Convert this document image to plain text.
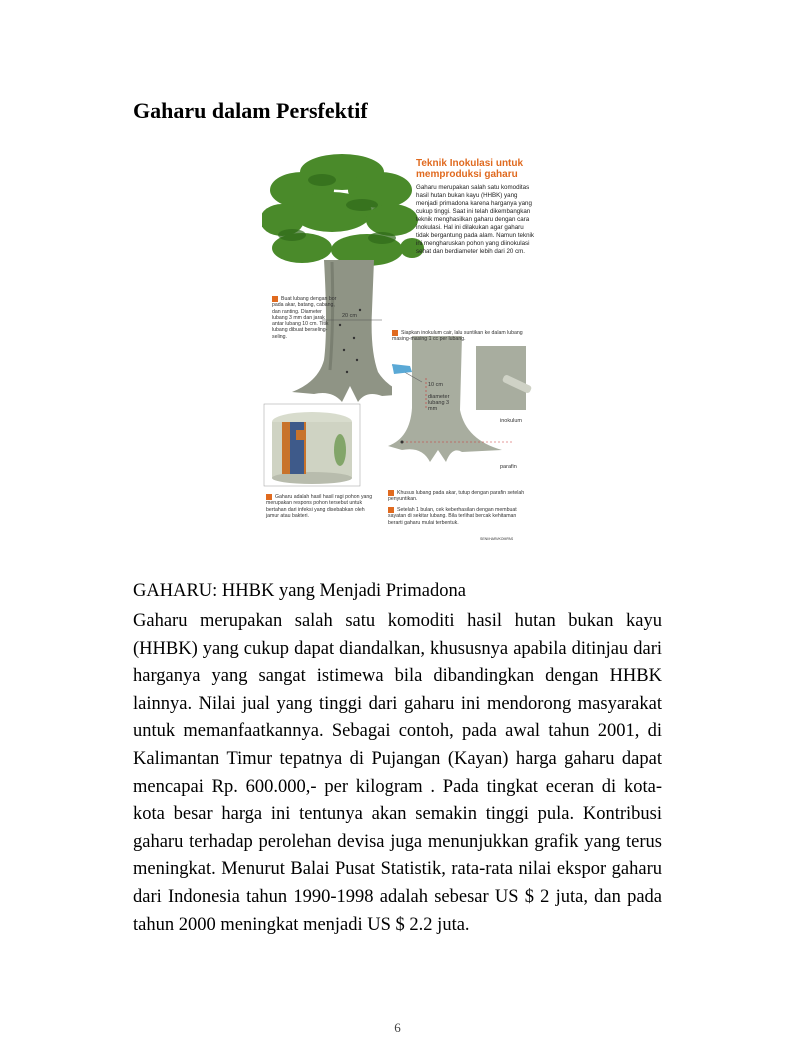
Gaharu dalam Persfektif
Teknik Inokulasi untuk memproduksi gaharu
Gaharu merupakan salah satu komoditas hasil hutan bukan kayu (HHBK) yang menjadi primadona karena harganya yang cukup tinggi. Saat ini telah dikembangkan teknik menghasilkan gaharu dengan cara inokulasi. Hal ini dilakukan agar gaharu tidak bergantung pada alam. Namun teknik ini mengharuskan pohon yang diinokulasi sehat dan berdiameter lebih dari 20 cm.
Buat lubang dengan bor pada akar, batang, cabang, dan ranting. Diameter lubang 3 mm dan jarak antar lubang 10 cm. Titik lubang dibuat berseling-seling.
Siapkan inokulum cair, lalu suntikan ke dalam lubang masing-masing 1 cc per lubang.
Gaharu adalah hasil hasil ragi pohon yang merupakan respons pohon tersebut untuk bertahan dari infeksi yang disebabkan oleh jamur atau bakteri.
Khusus lubang pada akar, tutup dengan parafin setelah penyuntikan.
Setelah 1 bulan, cek keberhasilan dengan membuat sayatan di sekitar lubang. Bila terlihat bercak kehitaman berarti gaharu mulai terbentuk.
20 cm
10 cm
diameter lubang 3 mm
inokulum
parafin
SENI/HARI/KOMPAS

GAHARU: HHBK yang Menjadi Primadona

Gaharu merupakan salah satu komoditi hasil hutan bukan kayu (HHBK) yang cukup dapat diandalkan, khususnya apabila ditinjau dari harganya yang sangat istimewa bila dibandingkan dengan HHBK lainnya. Nilai jual yang tinggi dari gaharu ini mendorong masyarakat untuk memanfaatkannya. Sebagai contoh, pada awal tahun 2001, di Kalimantan Timur tepatnya di Pujangan (Kayan) harga gaharu dapat mencapai Rp. 600.000,- per kilogram . Pada tingkat eceran di kota-kota besar harga ini tentunya akan semakin tinggi pula. Kontribusi gaharu terhadap perolehan devisa juga menunjukkan grafik yang terus meningkat. Menurut Balai Pusat Statistik, rata-rata nilai ekspor gaharu dari Indonesia tahun 1990-1998 adalah sebesar US $ 2 juta, dan pada tahun 2000 meningkat menjadi US $ 2.2 juta.

6
